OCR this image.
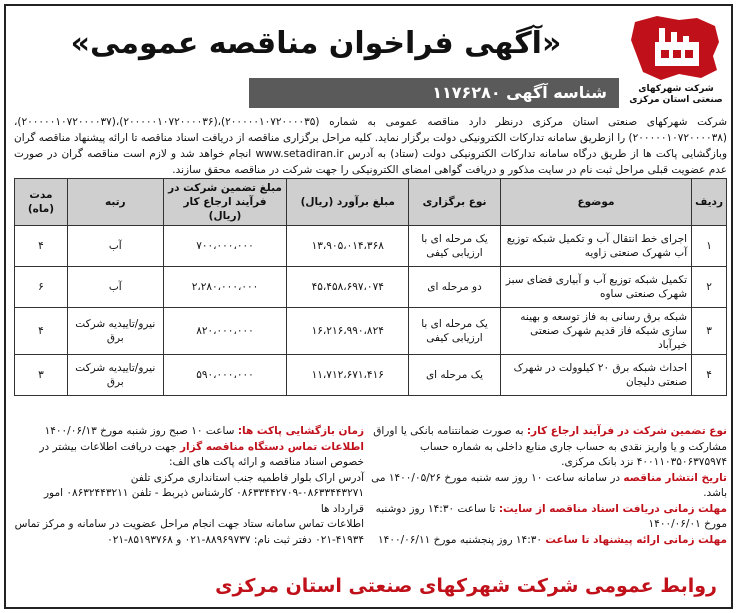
شرکت شهرکهای صنعتی استان مرکزی
«آگهی فراخوان مناقصه عمومی»
شناسه آگهی ۱۱۷۶۲۸۰
شرکت شهرکهای صنعتی استان مرکزی درنظر دارد مناقصه عمومی به شماره (۲۰۰۰۰۰۱۰۷۲۰۰۰۰۳۵)،(۲۰۰۰۰۰۱۰۷۲۰۰۰۰۳۶)،(۲۰۰۰۰۰۱۰۷۲۰۰۰۰۳۷)،(۲۰۰۰۰۰۱۰۷۲۰۰۰۰۳۸) را ازطریق سامانه تدارکات الکترونیکی دولت برگزار نماید. کلیه مراحل برگزاری مناقصه از دریافت اسناد مناقصه تا ارائه پیشنهاد مناقصه گران وبازگشایی پاکت ها از طریق درگاه سامانه تدارکات الکترونیکی دولت (ستاد) به آدرس www.setadiran.ir انجام خواهد شد و لازم است مناقصه گران در صورت عدم عضویت قبلی مراحل ثبت نام در سایت مذکور و دریافت گواهی امضای الکترونیکی را جهت شرکت در مناقصه محقق سازند.
ردیف	موضوع	نوع برگزاری	مبلغ برآورد (ریال)	مبلغ تضمین شرکت در فرآیند ارجاع کار (ریال)	رتبه	مدت (ماه)
۱	اجرای خط انتقال آب و تکمیل شبکه توزیع آب شهرک صنعتی زاویه	یک مرحله ای با ارزیابی کیفی	۱۳،۹۰۵،۰۱۴،۳۶۸	۷۰۰،۰۰۰،۰۰۰	آب	۴
۲	تکمیل شبکه توزیع آب و آبیاری فضای سبز شهرک صنعتی ساوه	دو مرحله ای	۴۵،۴۵۸،۶۹۷،۰۷۴	۲،۲۸۰،۰۰۰،۰۰۰	آب	۶
۳	شبکه برق رسانی به فاز توسعه و بهینه سازی شبکه فاز قدیم شهرک صنعتی خیرآباد	یک مرحله ای با ارزیابی کیفی	۱۶،۲۱۶،۹۹۰،۸۲۴	۸۲۰،۰۰۰،۰۰۰	نیرو/تاییدیه شرکت برق	۴
۴	احداث شبکه برق ۲۰ کیلوولت در شهرک صنعتی دلیجان	یک مرحله ای	۱۱،۷۱۲،۶۷۱،۴۱۶	۵۹۰،۰۰۰،۰۰۰	نیرو/تاییدیه شرکت برق	۳

نوع تضمین شرکت در فرآیند ارجاع کار: به صورت ضمانتنامه بانکی یا اوراق مشارکت و یا واریز نقدی به حساب جاری منابع داخلی به شماره حساب ۴۰۰۱۱۰۳۵۰۶۳۷۵۹۷۴ نزد بانک مرکزی.

تاریخ انتشار مناقصه در سامانه ساعت ۱۰ روز سه شنبه مورخ ۱۴۰۰/۰۵/۲۶ می باشد.

مهلت زمانی دریافت اسناد مناقصه از سایت: تا ساعت ۱۴:۳۰ روز دوشنبه مورخ ۱۴۰۰/۰۶/۰۱

مهلت زمانی ارائه پیشنهاد تا ساعت ۱۴:۳۰ روز پنجشنبه مورخ ۱۴۰۰/۰۶/۱۱

زمان بازگشایی پاکت ها: ساعت ۱۰ صبح روز شنبه مورخ ۱۴۰۰/۰۶/۱۳

اطلاعات تماس دستگاه مناقصه گزار جهت دریافت اطلاعات بیشتر در خصوص اسناد مناقصه و ارائه پاکت های الف:

آدرس اراک بلوار فاطمیه جنب استانداری مرکزی تلفن ۰۸۶۳۳۴۴۳۲۷۱-۰۸۶۳۳۴۴۲۷۰۹ کارشناس ذیربط - تلفن ۰۸۶۳۲۴۴۳۲۱۱ امور قرارداد ها

اطلاعات تماس سامانه ستاد جهت انجام مراحل عضویت در سامانه و مرکز تماس ۴۱۹۳۴-۰۲۱ دفتر ثبت نام: ۸۸۹۶۹۷۳۷-۰۲۱ و ۸۵۱۹۳۷۶۸-۰۲۱

روابط عمومی شرکت شهرکهای صنعتی استان مرکزی
